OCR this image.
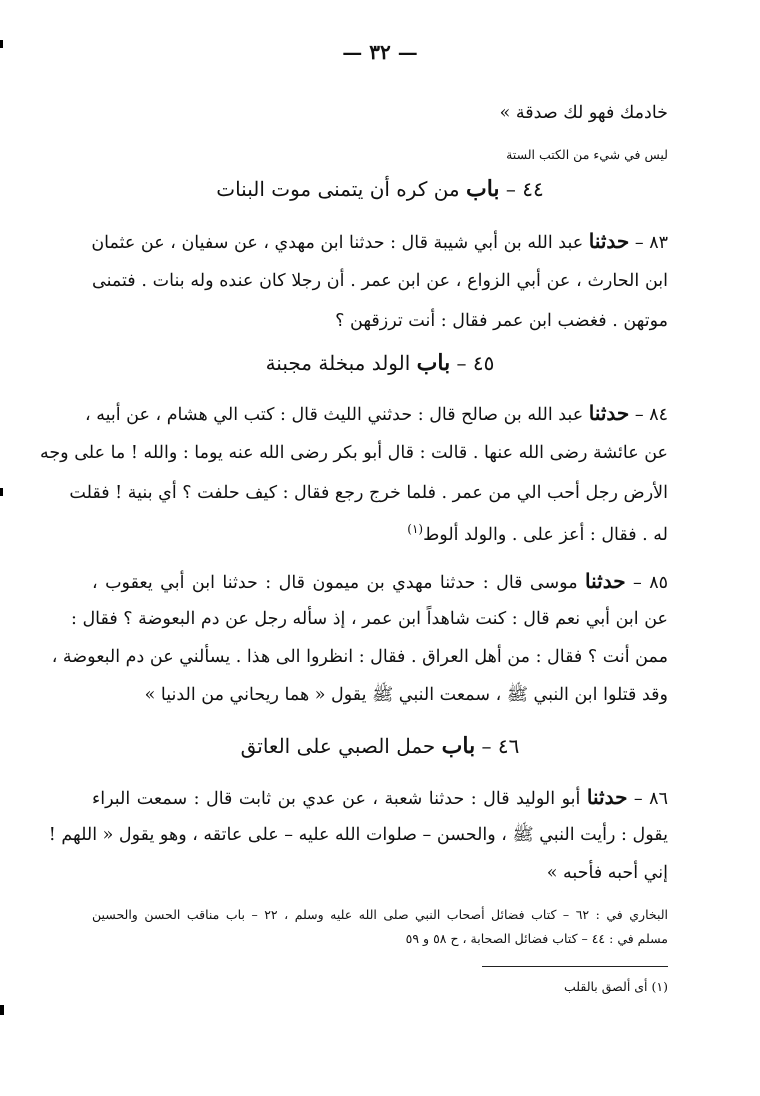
— ٣٢ —
خادمك فهو لك صدقة »
ليس في شيء من الكتب الستة
٤٤ – باب من كره أن يتمنى موت البنات
٨٣ – حدثنا عبد الله بن أبي شيبة قال : حدثنا ابن مهدي ، عن سفيان ، عن عثمان
ابن الحارث ، عن أبي الزواع ، عن ابن عمر . أن رجلا كان عنده وله بنات . فتمنى
موتهن . فغضب ابن عمر فقال : أنت ترزقهن ؟
٤٥ – باب الولد مبخلة مجبنة
٨٤ – حدثنا عبد الله بن صالح قال : حدثني الليث قال : كتب الي هشام ، عن أبيه ،
عن عائشة رضى الله عنها . قالت : قال أبو بكر رضى الله عنه يوما : والله ! ما على وجه
الأرض رجل أحب الي من عمر . فلما خرج رجع فقال : كيف حلفت ؟ أي بنية ! فقلت
له . فقال : أعز على . والولد ألوط$^{(١)}$
٨٥ – حدثنا موسى قال : حدثنا مهدي بن ميمون قال : حدثنا ابن أبي يعقوب ،
عن ابن أبي نعم قال : كنت شاهداً ابن عمر ، إذ سأله رجل عن دم البعوضة ؟ فقال :
ممن أنت ؟ فقال : من أهل العراق . فقال : انظروا الى هذا . يسألني عن دم البعوضة ،
وقد قتلوا ابن النبي ﷺ ، سمعت النبي ﷺ يقول « هما ريحاني من الدنيا »
٤٦ – باب حمل الصبي على العاتق
٨٦ – حدثنا أبو الوليد قال : حدثنا شعبة ، عن عدي بن ثابت قال : سمعت البراء
يقول : رأيت النبي ﷺ ، والحسن – صلوات الله عليه – على عاتقه ، وهو يقول « اللهم !
إني أحبه فأحبه »
البخاري في : ٦٢ – كتاب فضائل أصحاب النبي صلى الله عليه وسلم ، ٢٢ – باب مناقب الحسن والحسين
مسلم في : ٤٤ – كتاب فضائل الصحابة ، ح ٥٨ و ٥٩
(١) أى ألصق بالقلب
